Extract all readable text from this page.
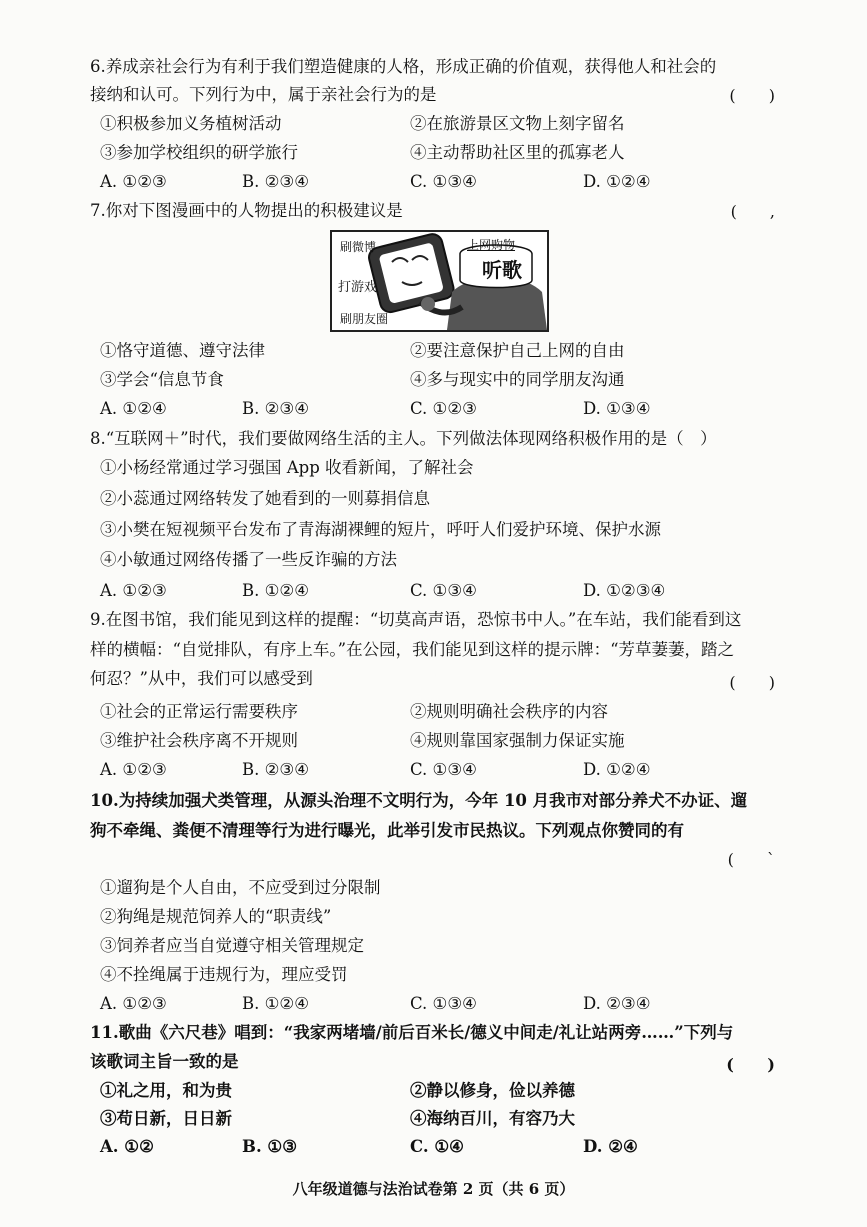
6.养成亲社会行为有利于我们塑造健康的人格，形成正确的价值观，获得他人和社会的
接纳和认可。下列行为中，属于亲社会行为的是	( )
①积极参加义务植树活动	②在旅游景区文物上刻字留名
③参加学校组织的研学旅行	④主动帮助社区里的孤寡老人
A. ①②③	B. ②③④	C. ①③④	D. ①②④
7.你对下图漫画中的人物提出的积极建议是	( ,
刷微博	上网购物
听歌
打游戏
刷朋友圈
①恪守道德、遵守法律	②要注意保护自己上网的自由
③学会“信息节食	④多与现实中的同学朋友沟通
A. ①②④	B. ②③④	C. ①②③	D. ①③④
8.“互联网＋”时代，我们要做网络生活的主人。下列做法体现网络积极作用的是（　）
①小杨经常通过学习强国 App 收看新闻，了解社会
②小蕊通过网络转发了她看到的一则募捐信息
③小樊在短视频平台发布了青海湖裸鲤的短片，呼吁人们爱护环境、保护水源
④小敏通过网络传播了一些反诈骗的方法
A. ①②③	B. ①②④	C. ①③④	D. ①②③④
9.在图书馆，我们能见到这样的提醒：“切莫高声语，恐惊书中人。”在车站，我们能看到这
样的横幅：“自觉排队，有序上车。”在公园，我们能见到这样的提示牌：“芳草萋萋，踏之
何忍？”从中，我们可以感受到	( )
①社会的正常运行需要秩序	②规则明确社会秩序的内容
③维护社会秩序离不开规则	④规则靠国家强制力保证实施
A. ①②③	B. ②③④	C. ①③④	D. ①②④
10.为持续加强犬类管理，从源头治理不文明行为，今年 10 月我市对部分养犬不办证、遛
狗不牵绳、粪便不清理等行为进行曝光，此举引发市民热议。下列观点你赞同的有
( `
①遛狗是个人自由，不应受到过分限制
②狗绳是规范饲养人的“职责线”
③饲养者应当自觉遵守相关管理规定
④不拴绳属于违规行为，理应受罚
A. ①②③	B. ①②④	C. ①③④	D. ②③④
11.歌曲《六尺巷》唱到：“我家两堵墙/前后百米长/德义中间走/礼让站两旁……”下列与
该歌词主旨一致的是	( )
①礼之用，和为贵	②静以修身，俭以养德
③苟日新，日日新	④海纳百川，有容乃大
A. ①②	B. ①③	C. ①④	D. ②④
八年级道德与法治试卷第 2 页（共 6 页）
